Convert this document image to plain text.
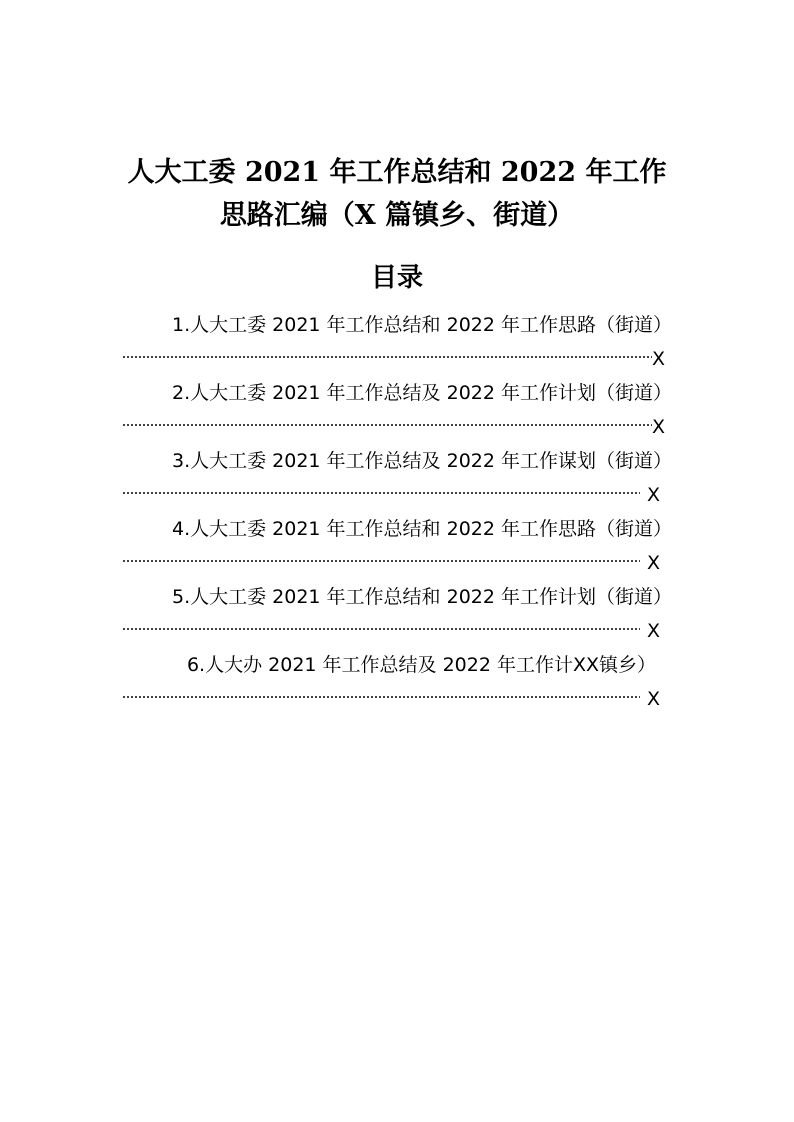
人大工委 2021 年工作总结和 2022 年工作
思路汇编（X 篇镇乡、街道）
目录
1.人大工委 2021 年工作总结和 2022 年工作思路（街道）
X
2.人大工委 2021 年工作总结及 2022 年工作计划（街道）
X
3.人大工委 2021 年工作总结及 2022 年工作谋划（街道）
X
4.人大工委 2021 年工作总结和 2022 年工作思路（街道）
X
5.人大工委 2021 年工作总结和 2022 年工作计划（街道）
X
6.人大办 2021 年工作总结及 2022 年工作计XX镇乡）
X
